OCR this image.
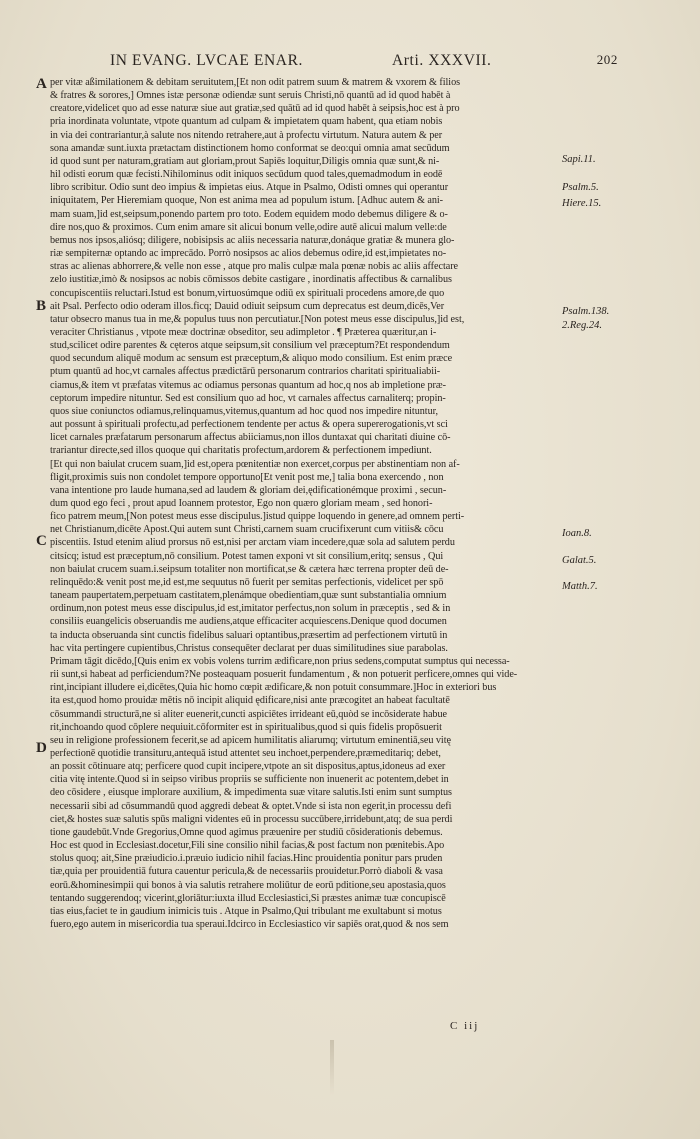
IN EVANG. LVCAE ENAR.	Arti. XXXVII.	202
A
B
C
D
Sapi.11.
Psalm.5.
Hiere.15.
Psalm.138.
2.Reg.24.
Ioan.8.
Galat.5.
Matth.7.
per vitæ aßimilationem & debitam seruitutem,[Et non odit patrem suum & matrem & vxorem & filios
& fratres & sorores,] Omnes istæ personæ odiendæ sunt seruis Christi,nō quantū ad id quod habēt à
creatore,videlicet quo ad esse naturæ siue aut gratiæ,sed quātū ad id quod habēt à seipsis,hoc est à pro
pria inordinata voluntate, vtpote quantum ad culpam & impietatem quam habent, qua etiam nobis
in via dei contrariantur,à salute nos nitendo retrahere,aut à profectu virtutum. Natura autem & per
sona amandæ sunt.iuxta prætactam distinctionem homo conformat se deo:qui omnia amat secūdum
id quod sunt per naturam,gratiam aut gloriam,prout Sapiēs loquitur,Diligis omnia quæ sunt,& ni-
hil odisti eorum quæ fecisti.Nihilominus odit iniquos secūdum quod tales,quemadmodum in eodē
libro scribitur. Odio sunt deo impius & impietas eius. Atque in Psalmo, Odisti omnes qui operantur
iniquitatem, Per Hieremiam quoque, Non est anima mea ad populum istum. [Adhuc autem & ani-
mam suam,]id est,seipsum,ponendo partem pro toto. Eodem equidem modo debemus diligere & o-
dire nos,quo & proximos. Cum enim amare sit alicui bonum velle,odire autē alicui malum velle:de
bemus nos ipsos,aliósq; diligere, nobisipsis ac aliis necessaria naturæ,donáque gratiæ & munera glo-
riæ sempiternæ optando ac imprecādo. Porrò nosipsos ac alios debemus odire,id est,impietates no-
stras ac alienas abhorrere,& velle non esse , atque pro malis culpæ mala pœnæ nobis ac aliis affectare
zelo iustitiæ,imò & nosipsos ac nobis cōmissos debite castigare , inordinatis affectibus & carnalibus
concupiscentiis reluctari.Istud est bonum,virtuosúmque odiū ex spirituali procedens amore,de quo
ait Psal. Perfecto odio oderam illos.ficq; Dauid odiuit seipsum cum deprecatus est deum,dicēs,Ver
tatur obsecro manus tua in me,& populus tuus non percutiatur.[Non potest meus esse discipulus,]id est,
veraciter Christianus , vtpote meæ doctrinæ obseditor, seu adimpletor . ¶ Præterea quæritur,an i-
stud,scilicet odire parentes & cęteros atque seipsum,sit consilium vel præceptum?Et respondendum
quod secundum aliquē modum ac sensum est præceptum,& aliquo modo consilium. Est enim præce
ptum quantū ad hoc,vt carnales affectus prædictārū personarum contrarios charitati spiritualiabii-
ciamus,& item vt præfatas vitemus ac odiamus personas quantum ad hoc,q nos ab impletione præ-
ceptorum impedire nituntur. Sed est consilium quo ad hoc, vt carnales affectus carnaliterq; propin-
quos siue coniunctos odiamus,relinquamus,vitemus,quantum ad hoc quod nos impedire nituntur,
aut possunt à spirituali profectu,ad perfectionem tendente per actus & opera supererogationis,vt sci
licet carnales præfatarum personarum affectus abiiciamus,non illos duntaxat qui charitati diuine cō-
trariantur directe,sed illos quoque qui charitatis profectum,ardorem & perfectionem impediunt.
[Et qui non baiulat crucem suam,]id est,opera pœnitentiæ non exercet,corpus per abstinentiam non af-
fligit,proximis suis non condolet tempore opportuno[Et venit post me,] talia bona exercendo , non
vana intentione pro laude humana,sed ad laudem & gloriam dei,ędificationémque proximi , secun-
dum quod ego feci , prout apud Ioannem protestor, Ego non quæro gloriam meam , sed honori-
fico patrem meum,[Non potest meus esse discipulus.]istud quippe loquendo in genere,ad omnem perti-
net Christianum,dicēte Apost.Qui autem sunt Christi,carnem suam crucifixerunt cum vitiis& cōcu
piscentiis. Istud etenim aliud prorsus nō est,nisi per arctam viam incedere,quæ sola ad salutem perdu
citsícq; istud est præceptum,nō consilium. Potest tamen exponi vt sit consilium,eritq; sensus , Qui
non baiulat crucem suam.i.seipsum totaliter non mortificat,se & cætera hæc terrena propter deū de-
relinquēdo:& venit post me,id est,me sequutus nō fuerit per semitas perfectionis, videlicet per spō
taneam paupertatem,perpetuam castitatem,plenámque obedientiam,quæ sunt substantialia omnium
ordinum,non potest meus esse discipulus,id est,imitator perfectus,non solum in præceptis , sed & in
consiliis euangelicis obseruandis me audiens,atque efficaciter acquiescens.Denique quod documen
ta inducta obseruanda sint cunctis fidelibus saluari optantibus,præsertim ad perfectionem virtutū in
hac vita pertingere cupientibus,Christus consequēter declarat per duas similitudines siue parabolas.
Primam tāgit dicēdo,[Quis enim ex vobis volens turrim ædificare,non prius sedens,computat sumptus qui necessa-
rii sunt,si habeat ad perficiendum?Ne posteaquam posuerit fundamentum , & non potuerit perficere,omnes qui vide-
rint,incipiant illudere ei,dicētes,Quia hic homo cœpit ædificare,& non potuit consummare.]Hoc in exteriori bus
ita est,quod homo prouidæ mētis nō incipit aliquid ędificare,nisi ante præcogitet an habeat facultatē
cōsummandi structurā,ne si aliter euenerit,cuncti aspiciētes irrideant eū,quòd se incōsiderate habue
rit,inchoando quod cōplere nequiuit.cōformiter est in spiritualibus,quod si quis fidelis propōsuerit
seu in religione professionem fecerit,se ad apicem humilitatis aliarumq; virtutum eminentiā,seu vitę
perfectionē quotidie transituru,antequā istud attentet seu inchoet,perpendere,præmeditariq; debet,
an possit cōtinuare atq; perficere quod cupit incipere,vtpote an sit dispositus,aptus,idoneus ad exer
citia vitę intente.Quod si in seipso viribus propriis se sufficiente non inuenerit ac potentem,debet in
deo cōsidere , eiusque implorare auxilium, & impedimenta suæ vitare salutis.Isti enim sunt sumptus
necessarii sibi ad cōsummandū quod aggredi debeat & optet.Vnde si ista non egerit,in processu defi
ciet,& hostes suæ salutis spūs maligni videntes eū in processu succūbere,irridebunt,atq; de sua perdi
tione gaudebūt.Vnde Gregorius,Omne quod agimus præuenire per studiū cōsiderationis debemus.
Hoc est quod in Ecclesiast.docetur,Fili sine consilio nihil facias,& post factum non pœnitebis.Apo
stolus quoq; ait,Sine præiudicio.i.præuio iudicio nihil facias.Hinc prouidentia ponitur pars pruden
tiæ,quia per prouidentiā futura cauentur pericula,& de necessariis prouidetur.Porrò diaboli & vasa
eorū.&hominesimpii qui bonos à via salutis retrahere moliūtur de eorū pditione,seu apostasia,quos
tentando suggerendoq; vicerint,gloriātur:iuxta illud Ecclesiastici,Si præstes animæ tuæ concupiscē
tias eius,faciet te in gaudium inimicis tuis . Atque in Psalmo,Qui tribulant me exultabunt si motus
fuero,ego autem in misericordia tua speraui.Idcirco in Ecclesiastico vir sapiēs orat,quod & nos sem
C iij
